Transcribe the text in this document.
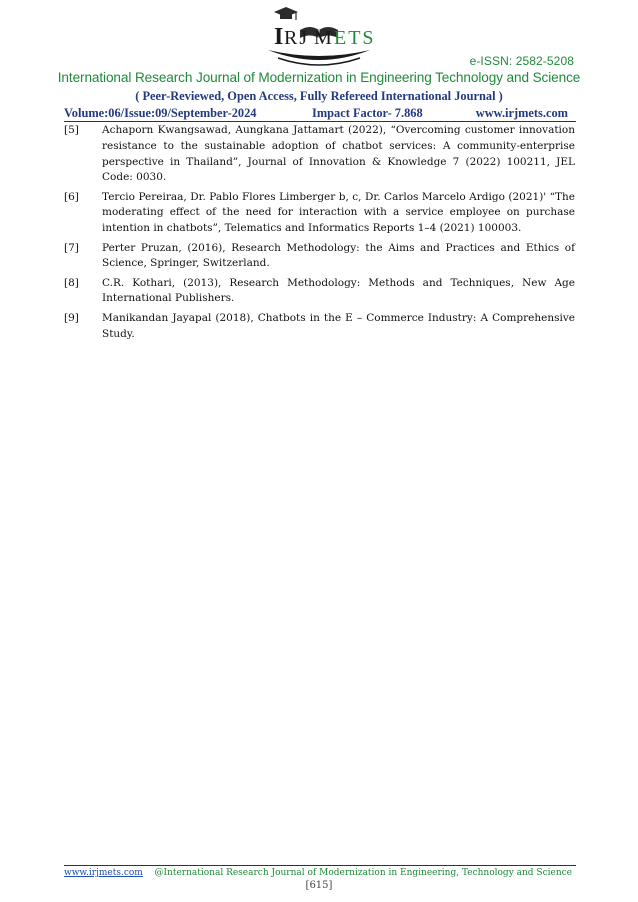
I RJ M ETS
e-ISSN: 2582-5208
International Research Journal of Modernization in Engineering Technology and Science
( Peer-Reviewed, Open Access, Fully Refereed International Journal )
Volume:06/Issue:09/September-2024	Impact Factor- 7.868	www.irjmets.com
[5] Achaporn Kwangsawad, Aungkana Jattamart (2022), “Overcoming customer innovation resistance to the sustainable adoption of chatbot services: A community-enterprise perspective in Thailand”, Journal of Innovation & Knowledge 7 (2022) 100211, JEL Code: 0030.
[6] Tercio Pereiraa, Dr. Pablo Flores Limberger b, c, Dr. Carlos Marcelo Ardigo (2021)' “The moderating effect of the need for interaction with a service employee on purchase intention in chatbots”, Telematics and Informatics Reports 1–4 (2021) 100003.
[7] Perter Pruzan, (2016), Research Methodology: the Aims and Practices and Ethics of Science, Springer, Switzerland.
[8] C.R. Kothari, (2013), Research Methodology: Methods and Techniques, New Age International Publishers.
[9] Manikandan Jayapal (2018), Chatbots in the E – Commerce Industry: A Comprehensive Study.
www.irjmets.com @International Research Journal of Modernization in Engineering, Technology and Science
[615]
